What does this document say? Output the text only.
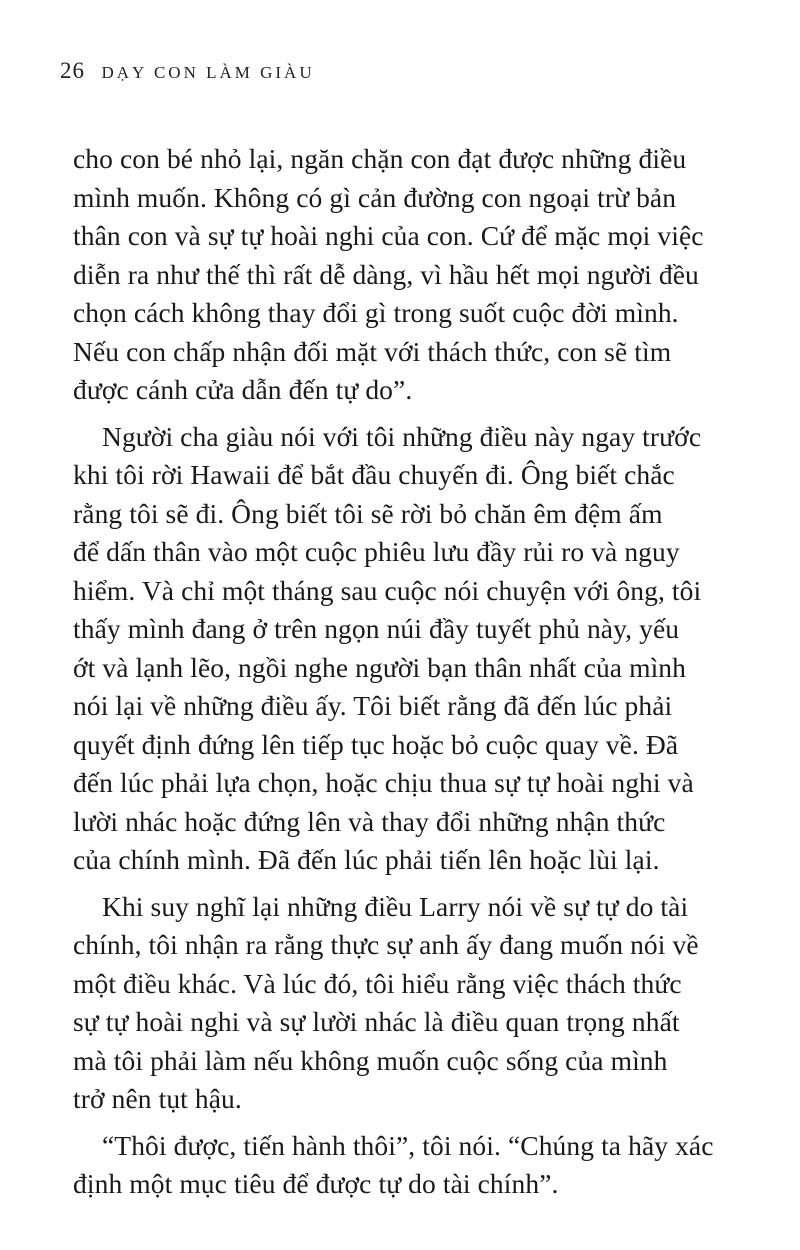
26 DẠY CON LÀM GIÀU

cho con bé nhỏ lại, ngăn chặn con đạt được những điều
mình muốn. Không có gì cản đường con ngoại trừ bản
thân con và sự tự hoài nghi của con. Cứ để mặc mọi việc
diễn ra như thế thì rất dễ dàng, vì hầu hết mọi người đều
chọn cách không thay đổi gì trong suốt cuộc đời mình.
Nếu con chấp nhận đối mặt với thách thức, con sẽ tìm
được cánh cửa dẫn đến tự do”.

Người cha giàu nói với tôi những điều này ngay trước
khi tôi rời Hawaii để bắt đầu chuyến đi. Ông biết chắc
rằng tôi sẽ đi. Ông biết tôi sẽ rời bỏ chăn êm đệm ấm
để dấn thân vào một cuộc phiêu lưu đầy rủi ro và nguy
hiểm. Và chỉ một tháng sau cuộc nói chuyện với ông, tôi
thấy mình đang ở trên ngọn núi đầy tuyết phủ này, yếu
ớt và lạnh lẽo, ngồi nghe người bạn thân nhất của mình
nói lại về những điều ấy. Tôi biết rằng đã đến lúc phải
quyết định đứng lên tiếp tục hoặc bỏ cuộc quay về. Đã
đến lúc phải lựa chọn, hoặc chịu thua sự tự hoài nghi và
lười nhác hoặc đứng lên và thay đổi những nhận thức
của chính mình. Đã đến lúc phải tiến lên hoặc lùi lại.

Khi suy nghĩ lại những điều Larry nói về sự tự do tài
chính, tôi nhận ra rằng thực sự anh ấy đang muốn nói về
một điều khác. Và lúc đó, tôi hiểu rằng việc thách thức
sự tự hoài nghi và sự lười nhác là điều quan trọng nhất
mà tôi phải làm nếu không muốn cuộc sống của mình
trở nên tụt hậu.

“Thôi được, tiến hành thôi”, tôi nói. “Chúng ta hãy xác
định một mục tiêu để được tự do tài chính”.
